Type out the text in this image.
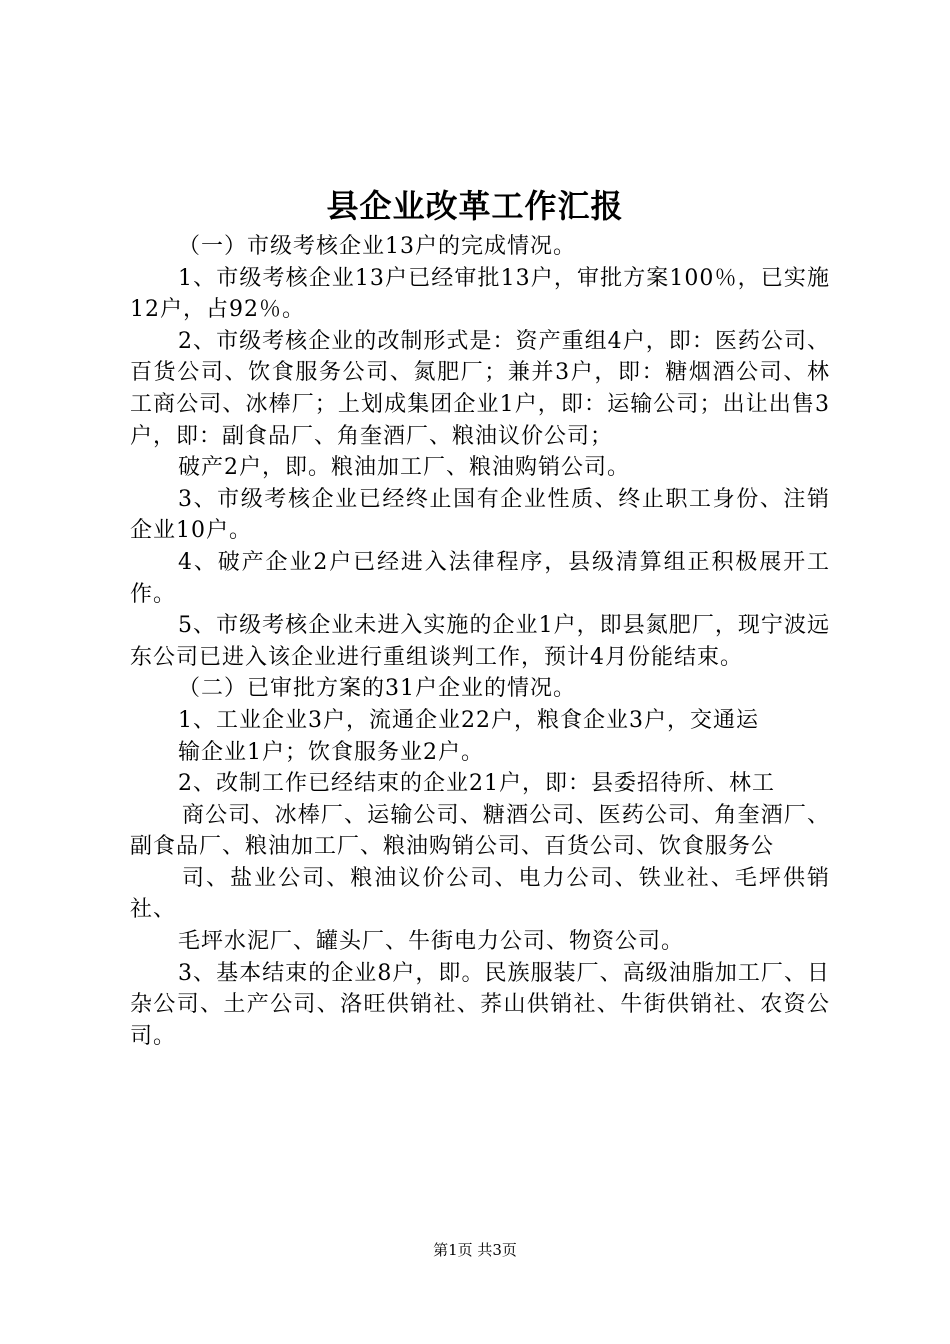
县企业改革工作汇报

（一）市级考核企业13户的完成情况。

1、市级考核企业13户已经审批13户，审批方案100％，已实施12户，占92％。

2、市级考核企业的改制形式是：资产重组4户，即：医药公司、百货公司、饮食服务公司、氮肥厂；兼并3户，即：糖烟酒公司、林工商公司、冰棒厂；上划成集团企业1户，即：运输公司；出让出售3户，即：副食品厂、角奎酒厂、粮油议价公司；

破产2户，即。粮油加工厂、粮油购销公司。

3、市级考核企业已经终止国有企业性质、终止职工身份、注销企业10户。

4、破产企业2户已经进入法律程序，县级清算组正积极展开工作。

5、市级考核企业未进入实施的企业1户，即县氮肥厂，现宁波远东公司已进入该企业进行重组谈判工作，预计4月份能结束。

（二）已审批方案的31户企业的情况。

1、工业企业3户，流通企业22户，粮食企业3户，交通运

输企业1户；饮食服务业2户。

2、改制工作已经结束的企业21户，即：县委招待所、林工

商公司、冰棒厂、运输公司、糖酒公司、医药公司、角奎酒厂、副食品厂、粮油加工厂、粮油购销公司、百货公司、饮食服务公

司、盐业公司、粮油议价公司、电力公司、铁业社、毛坪供销社、

毛坪水泥厂、罐头厂、牛街电力公司、物资公司。

3、基本结束的企业8户，即。民族服装厂、高级油脂加工厂、日杂公司、土产公司、洛旺供销社、荞山供销社、牛街供销社、农资公司。

第1页 共3页
